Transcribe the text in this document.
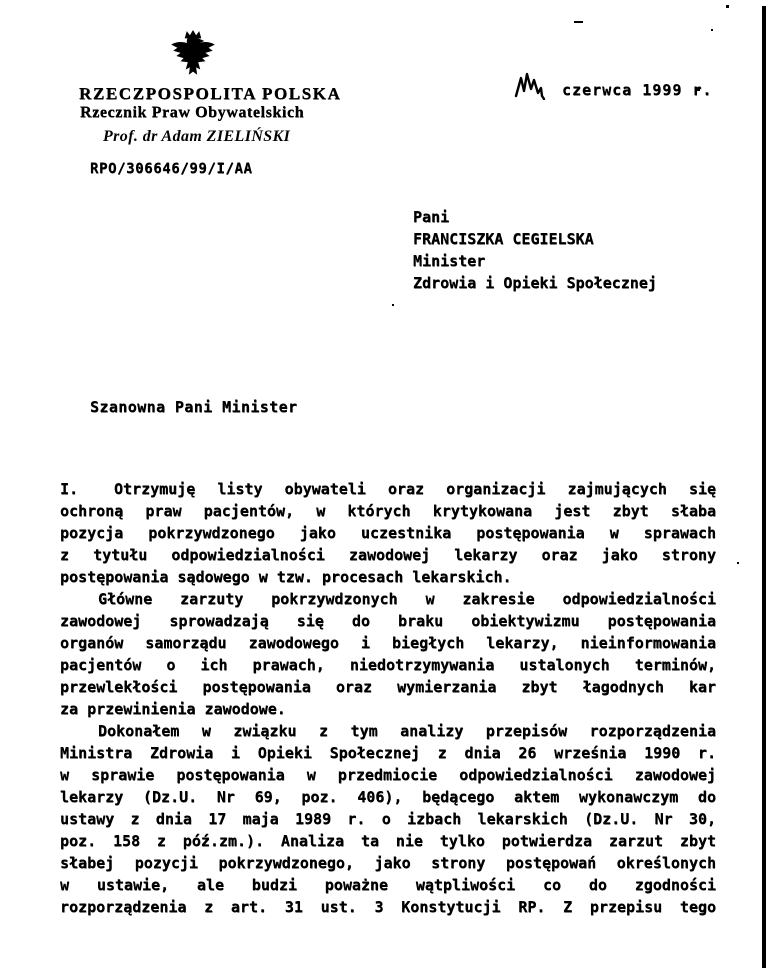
RZECZPOSPOLITA POLSKA
Rzecznik Praw Obywatelskich
Prof. dr Adam ZIELIŃSKI
RPO/306646/99/I/AA
czerwca 1999 r.
Pani
FRANCISZKA CEGIELSKA
Minister
Zdrowia i Opieki Społecznej
Szanowna Pani Minister
I. Otrzymuję listy obywateli oraz organizacji zajmujących się
ochroną praw pacjentów, w których krytykowana jest zbyt słaba
pozycja pokrzywdzonego jako uczestnika postępowania w sprawach
z tytułu odpowiedzialności zawodowej lekarzy oraz jako strony
postępowania sądowego w tzw. procesach lekarskich.
Główne zarzuty pokrzywdzonych w zakresie odpowiedzialności
zawodowej sprowadzają się do braku obiektywizmu postępowania
organów samorządu zawodowego i biegłych lekarzy, nieinformowania
pacjentów o ich prawach, niedotrzymywania ustalonych terminów,
przewlekłości postępowania oraz wymierzania zbyt łagodnych kar
za przewinienia zawodowe.
Dokonałem w związku z tym analizy przepisów rozporządzenia
Ministra Zdrowia i Opieki Społecznej z dnia 26 września 1990 r.
w sprawie postępowania w przedmiocie odpowiedzialności zawodowej
lekarzy (Dz.U. Nr 69, poz. 406), będącego aktem wykonawczym do
ustawy z dnia 17 maja 1989 r. o izbach lekarskich (Dz.U. Nr 30,
poz. 158 z póź.zm.). Analiza ta nie tylko potwierdza zarzut zbyt
słabej pozycji pokrzywdzonego, jako strony postępowań określonych
w ustawie, ale budzi poważne wątpliwości co do zgodności
rozporządzenia z art. 31 ust. 3 Konstytucji RP. Z przepisu tego
